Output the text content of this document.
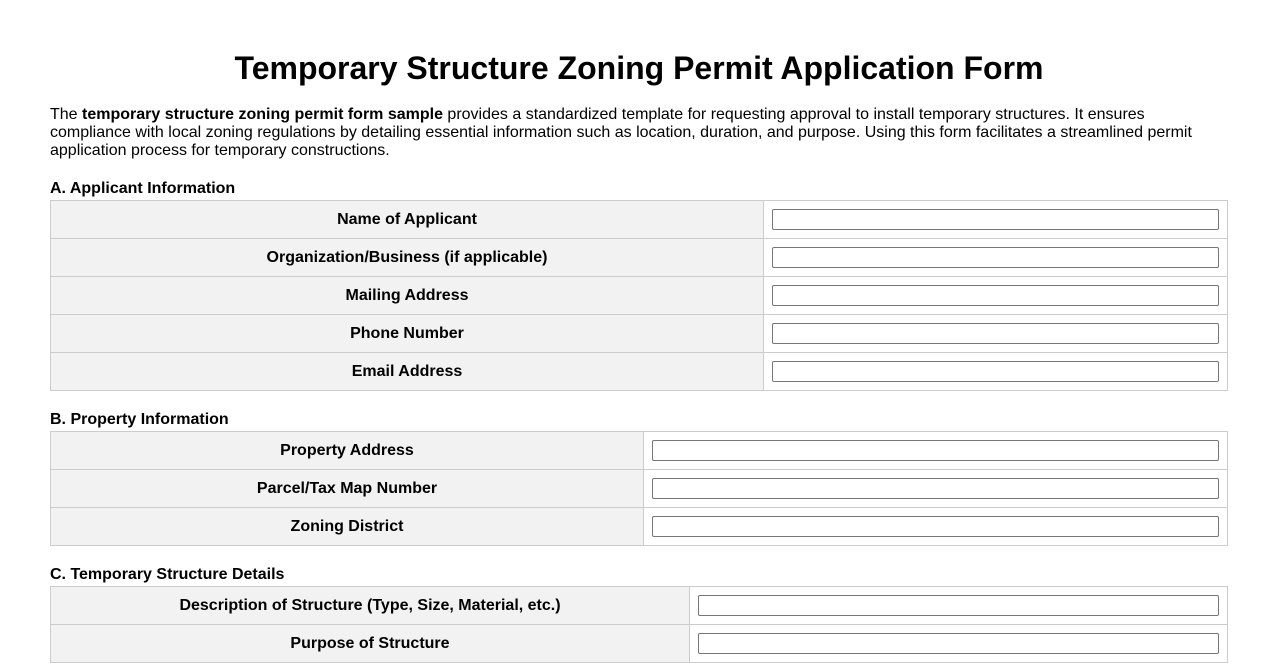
Temporary Structure Zoning Permit Application Form

The temporary structure zoning permit form sample provides a standardized template for requesting approval to install temporary structures. It ensures compliance with local zoning regulations by detailing essential information such as location, duration, and purpose. Using this form facilitates a streamlined permit application process for temporary constructions.

A. Applicant Information
Name of Applicant	
Organization/Business (if applicable)	
Mailing Address	
Phone Number	
Email Address	
B. Property Information
Property Address	
Parcel/Tax Map Number	
Zoning District	
C. Temporary Structure Details
Description of Structure (Type, Size, Material, etc.)	
Purpose of Structure	
